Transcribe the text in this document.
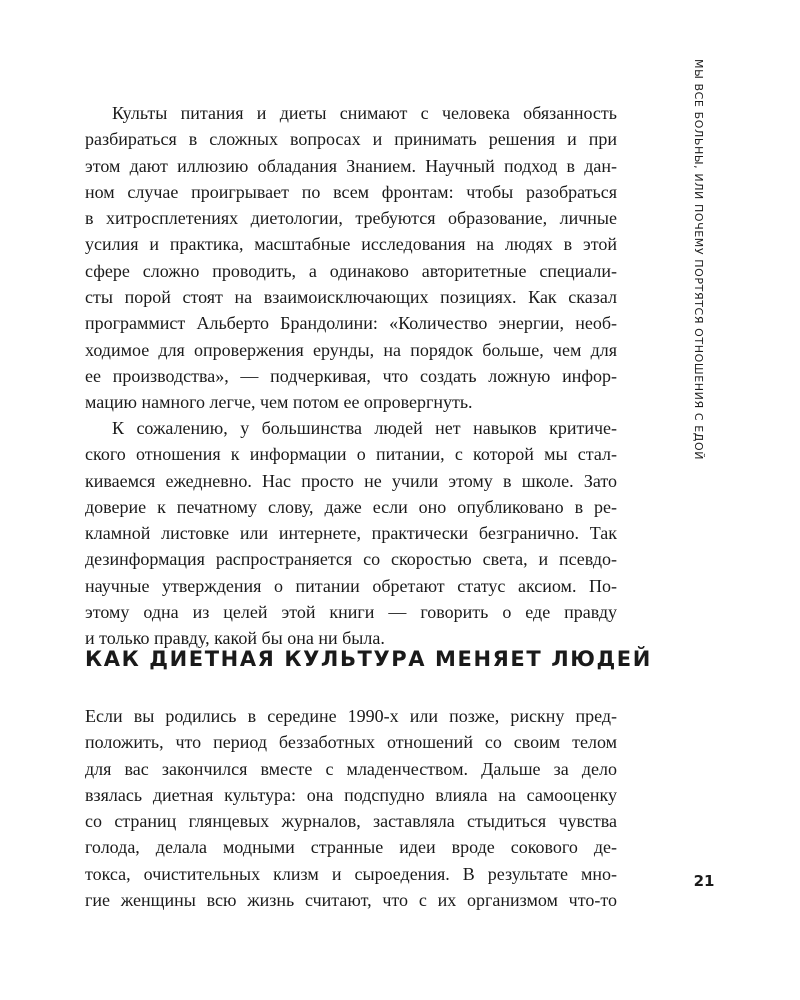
МЫ ВСЕ БОЛЬНЫ, ИЛИ ПОЧЕМУ ПОРТЯТСЯ ОТНОШЕНИЯ С ЕДОЙ
Культы питания и диеты снимают с человека обязанность
разбираться в сложных вопросах и принимать решения и при
этом дают иллюзию обладания Знанием. Научный подход в дан-
ном случае проигрывает по всем фронтам: чтобы разобраться
в хитросплетениях диетологии, требуются образование, личные
усилия и практика, масштабные исследования на людях в этой
сфере сложно проводить, а одинаково авторитетные специали-
сты порой стоят на взаимоисключающих позициях. Как сказал
программист Альберто Брандолини: «Количество энергии, необ-
ходимое для опровержения ерунды, на порядок больше, чем для
ее производства», — подчеркивая, что создать ложную инфор-
мацию намного легче, чем потом ее опровергнуть.
К сожалению, у большинства людей нет навыков критиче-
ского отношения к информации о питании, с которой мы стал-
киваемся ежедневно. Нас просто не учили этому в школе. Зато
доверие к печатному слову, даже если оно опубликовано в ре-
кламной листовке или интернете, практически безгранично. Так
дезинформация распространяется со скоростью света, и псевдо-
научные утверждения о питании обретают статус аксиом. По-
этому одна из целей этой книги — говорить о еде правду
и только правду, какой бы она ни была.
КАК ДИЕТНАЯ КУЛЬТУРА МЕНЯЕТ ЛЮДЕЙ
Если вы родились в середине 1990-х или позже, рискну пред-
положить, что период беззаботных отношений со своим телом
для вас закончился вместе с младенчеством. Дальше за дело
взялась диетная культура: она подспудно влияла на самооценку
со страниц глянцевых журналов, заставляла стыдиться чувства
голода, делала модными странные идеи вроде сокового де-
токса, очистительных клизм и сыроедения. В результате мно-
гие женщины всю жизнь считают, что с их организмом что-то
21
